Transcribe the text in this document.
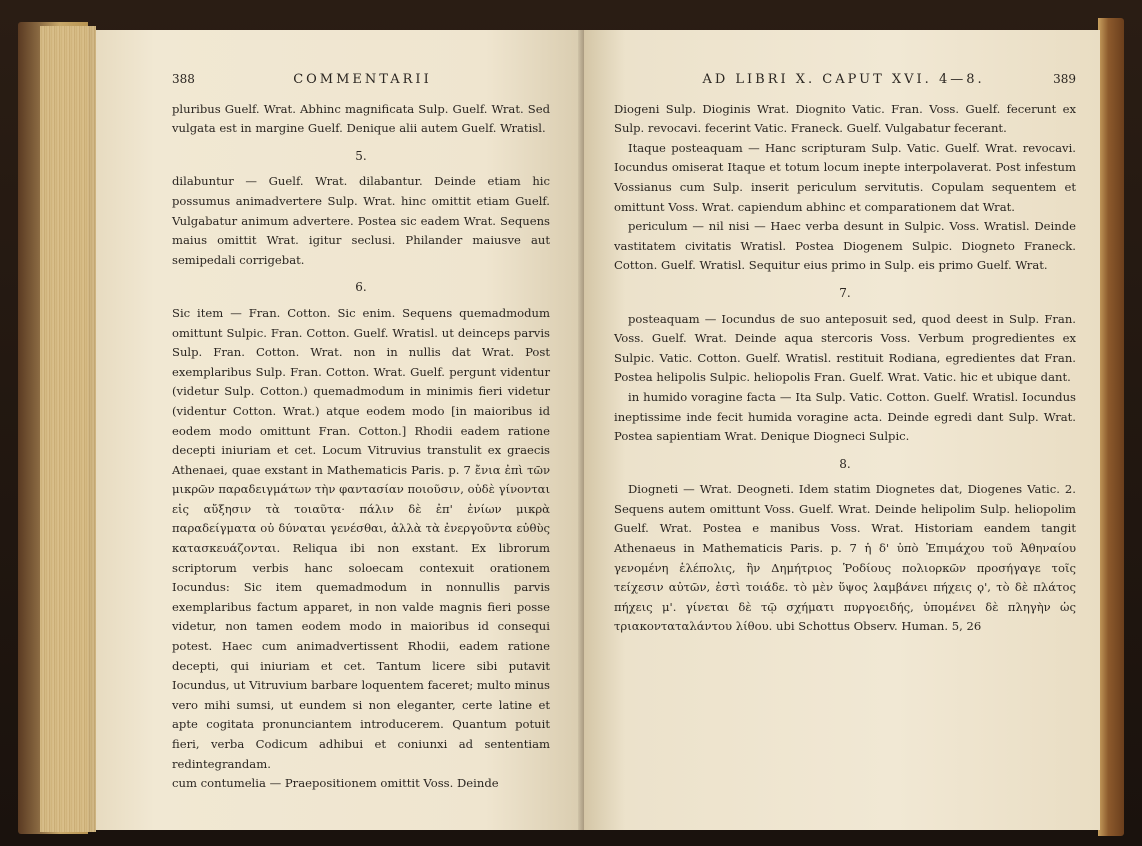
388	COMMENTARII

pluribus Guelf. Wrat. Abhinc magnificata Sulp. Guelf. Wrat. Sed vulgata est in margine Guelf. Denique alii autem Guelf. Wratisl.

5.

dilabuntur — Guelf. Wrat. dilabantur. Deinde etiam hic possumus animadvertere Sulp. Wrat. hinc omittit etiam Guelf. Vulgabatur animum advertere. Postea sic eadem Wrat. Sequens maius omittit Wrat. igitur seclusi. Philander maiusve aut semipedali corrigebat.

6.

Sic item — Fran. Cotton. Sic enim. Sequens quemadmodum omittunt Sulpic. Fran. Cotton. Guelf. Wratisl. ut deinceps parvis Sulp. Fran. Cotton. Wrat. non in nullis dat Wrat. Post exemplaribus Sulp. Fran. Cotton. Wrat. Guelf. pergunt videntur (videtur Sulp. Cotton.) quemadmodum in minimis fieri videtur (videntur Cotton. Wrat.) atque eodem modo [in maioribus id eodem modo omittunt Fran. Cotton.] Rhodii eadem ratione decepti iniuriam et cet. Locum Vitruvius transtulit ex graecis Athenaei, quae exstant in Mathematicis Paris. p. 7 ἔνια ἐπὶ τῶν μικρῶν παραδειγμάτων τὴν φαντασίαν ποιοῦσιν, οὐδὲ γίνονται εἰς αὔξησιν τὰ τοιαῦτα· πάλιν δὲ ἐπ' ἐνίων μικρὰ παραδείγματα οὐ δύναται γενέσθαι, ἀλλὰ τὰ ἐνεργοῦντα εὐθὺς κατασκευάζονται. Reliqua ibi non exstant. Ex librorum scriptorum verbis hanc soloecam contexuit orationem Iocundus: Sic item quemadmodum in nonnullis parvis exemplaribus factum apparet, in non valde magnis fieri posse videtur, non tamen eodem modo in maioribus id consequi potest. Haec cum animadvertissent Rhodii, eadem ratione decepti, qui iniuriam et cet. Tantum licere sibi putavit Iocundus, ut Vitruvium barbare loquentem faceret; multo minus vero mihi sumsi, ut eundem si non eleganter, certe latine et apte cogitata pronunciantem introducerem. Quantum potuit fieri, verba Codicum adhibui et coniunxi ad sententiam redintegrandam.

cum contumelia — Praepositionem omittit Voss. Deinde

AD LIBRI X. CAPUT XVI. 4—8.	389

Diogeni Sulp. Dioginis Wrat. Diognito Vatic. Fran. Voss. Guelf. fecerunt ex Sulp. revocavi. fecerint Vatic. Franeck. Guelf. Vulgabatur fecerant.

Itaque posteaquam — Hanc scripturam Sulp. Vatic. Guelf. Wrat. revocavi. Iocundus omiserat Itaque et totum locum inepte interpolaverat. Post infestum Vossianus cum Sulp. inserit periculum servitutis. Copulam sequentem et omittunt Voss. Wrat. capiendum abhinc et comparationem dat Wrat.

periculum — nil nisi — Haec verba desunt in Sulpic. Voss. Wratisl. Deinde vastitatem civitatis Wratisl. Postea Diogenem Sulpic. Diogneto Franeck. Cotton. Guelf. Wratisl. Sequitur eius primo in Sulp. eis primo Guelf. Wrat.

7.

posteaquam — Iocundus de suo anteposuit sed, quod deest in Sulp. Fran. Voss. Guelf. Wrat. Deinde aqua stercoris Voss. Verbum progredientes ex Sulpic. Vatic. Cotton. Guelf. Wratisl. restituit Rodiana, egredientes dat Fran. Postea helipolis Sulpic. heliopolis Fran. Guelf. Wrat. Vatic. hic et ubique dant.

in humido voragine facta — Ita Sulp. Vatic. Cotton. Guelf. Wratisl. Iocundus ineptissime inde fecit humida voragine acta. Deinde egredi dant Sulp. Wrat. Postea sapientiam Wrat. Denique Diogneci Sulpic.

8.

Diogneti — Wrat. Deogneti. Idem statim Diognetes dat, Diogenes Vatic. 2. Sequens autem omittunt Voss. Guelf. Wrat. Deinde helipolim Sulp. heliopolim Guelf. Wrat. Postea e manibus Voss. Wrat. Historiam eandem tangit Athenaeus in Mathematicis Paris. p. 7 ἡ δ' ὑπὸ Ἐπιμάχου τοῦ Ἀθηναίου γενομένη ἑλέπολις, ἣν Δημήτριος Ῥοδίους πολιορκῶν προσήγαγε τοῖς τείχεσιν αὐτῶν, ἐστὶ τοιάδε. τὸ μὲν ὕψος λαμβάνει πήχεις ϙ', τὸ δὲ πλάτος πήχεις μ'. γίνεται δὲ τῷ σχήματι πυργοειδής, ὑπομένει δὲ πληγὴν ὡς τριακονταταλάντου λίθου. ubi Schottus Observ. Human. 5, 26
